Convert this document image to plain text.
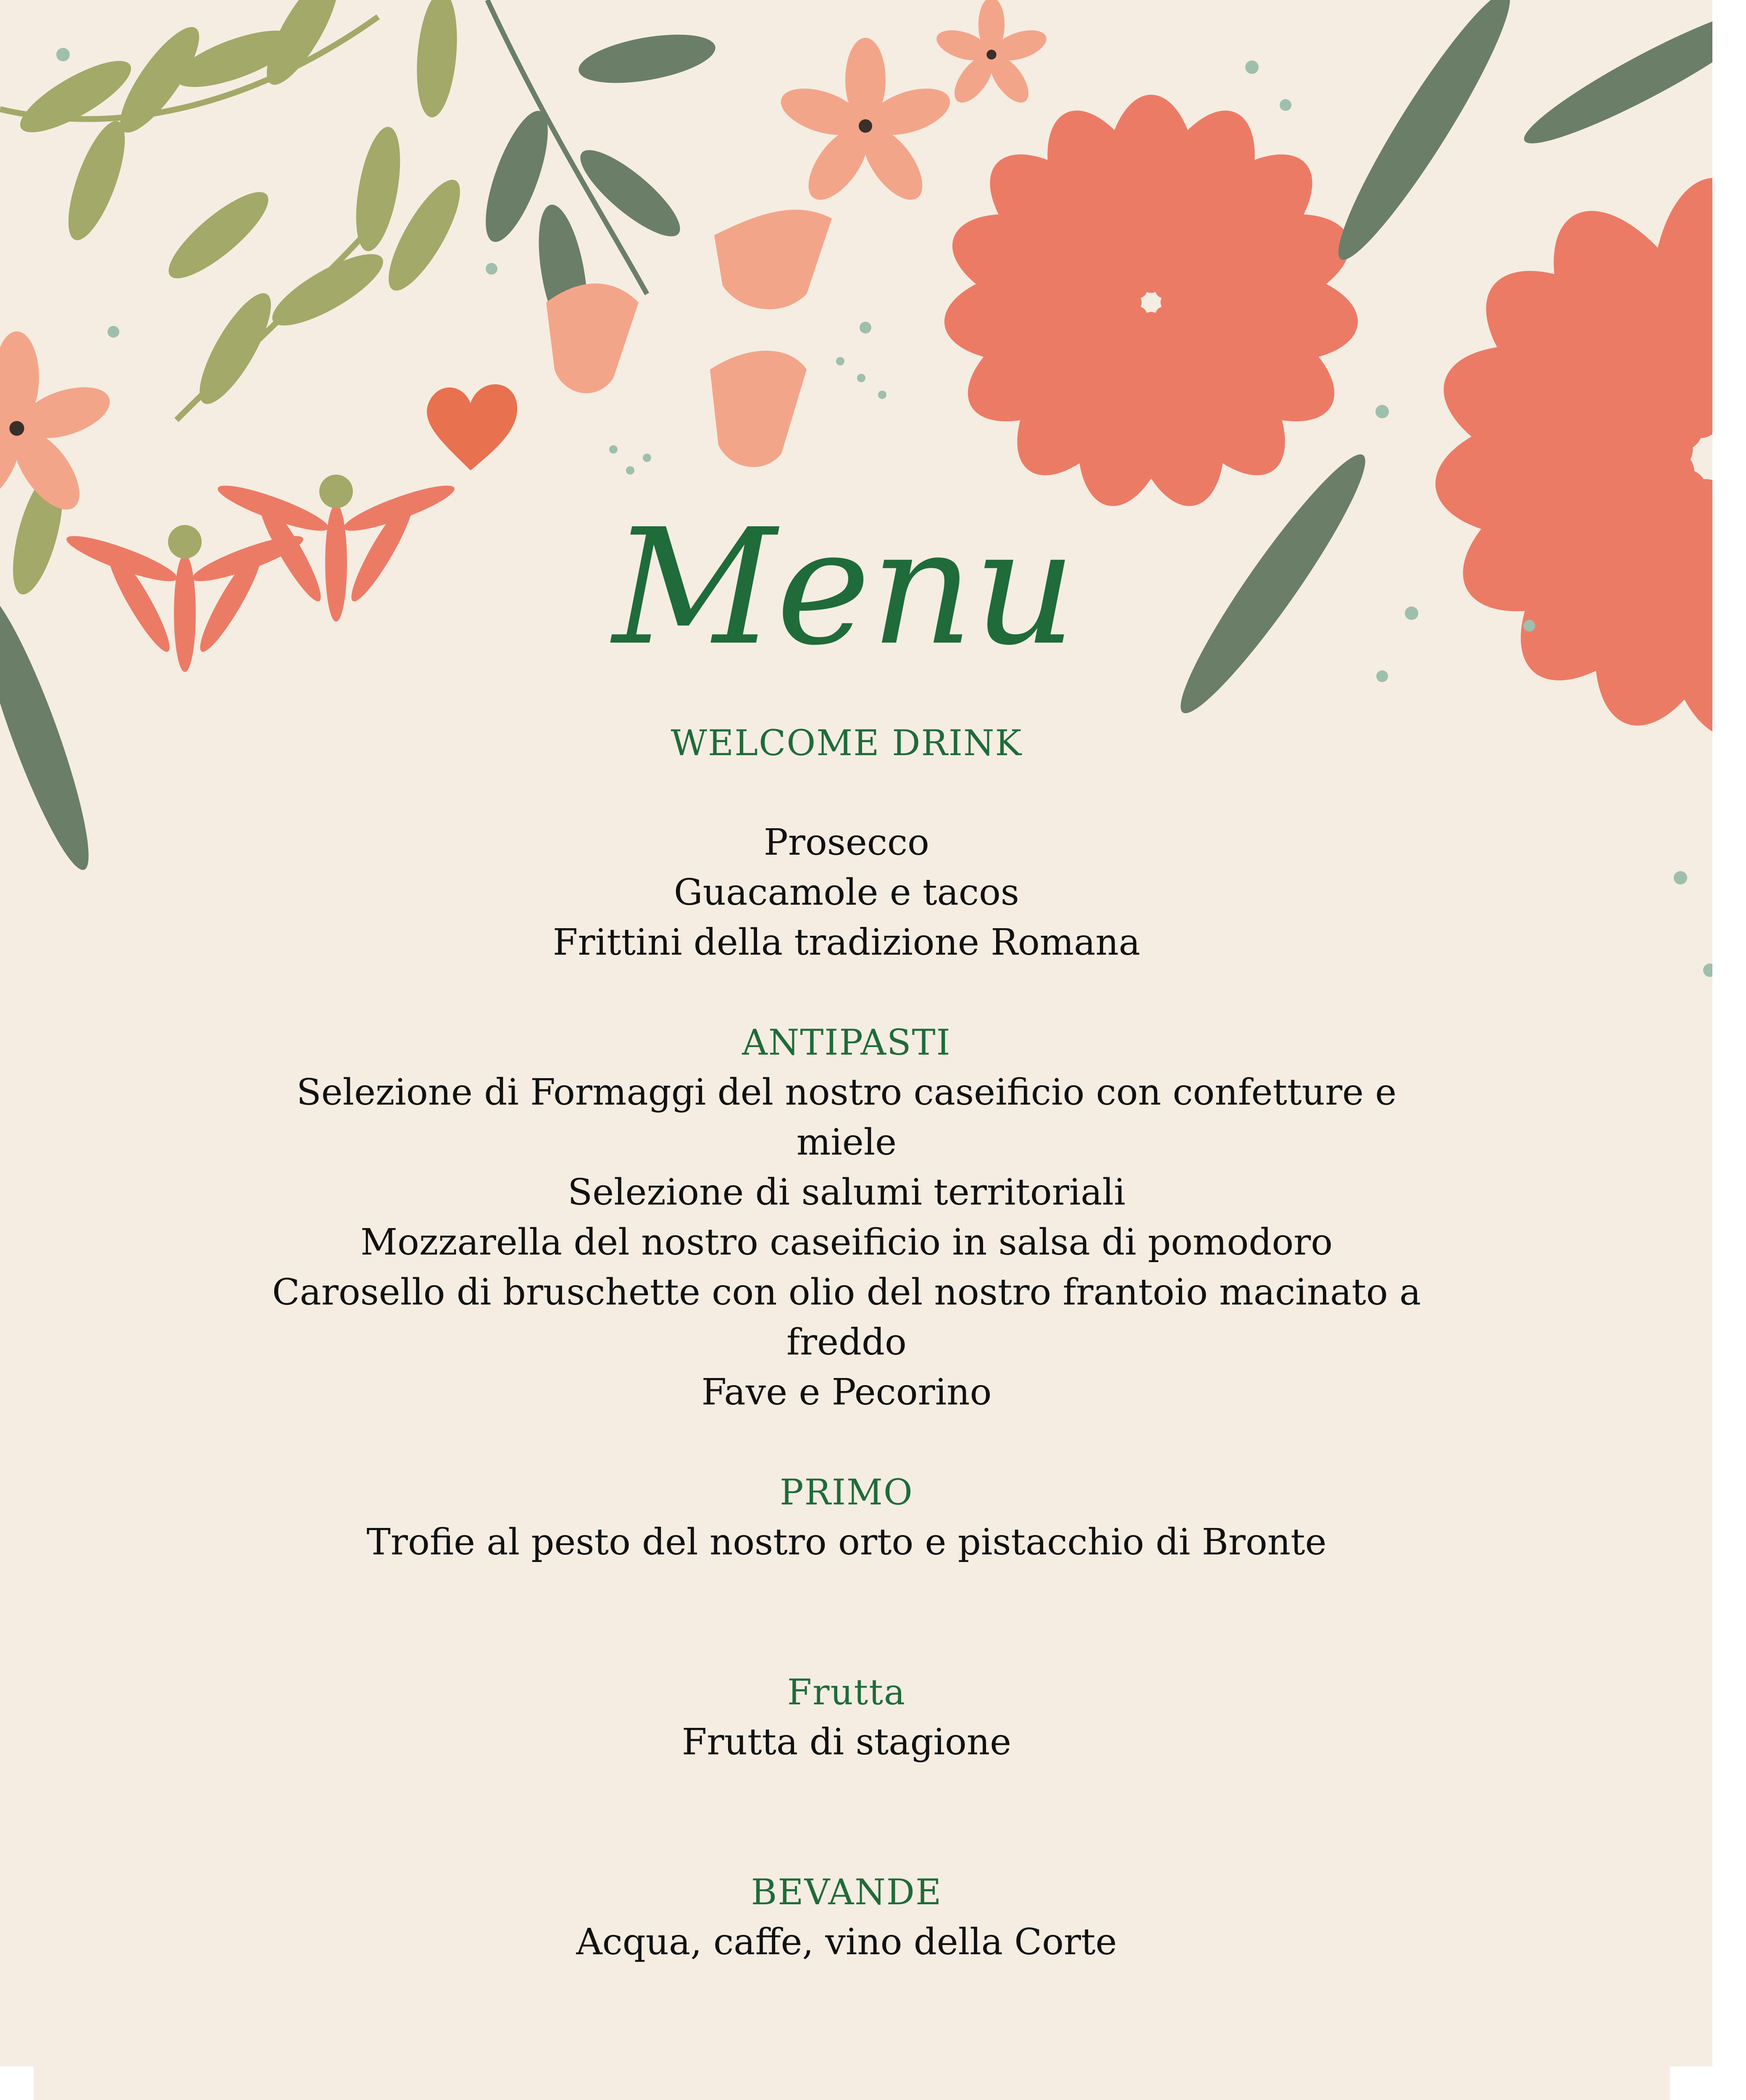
Menu
WELCOME DRINK
Prosecco
Guacamole e tacos
Frittini della tradizione Romana
ANTIPASTI
Selezione di Formaggi del nostro caseificio con confetture e
miele
Selezione di salumi territoriali
Mozzarella del nostro caseificio in salsa di pomodoro
Carosello di bruschette con olio del nostro frantoio macinato a
freddo
Fave e Pecorino
PRIMO
Trofie al pesto del nostro orto e pistacchio di Bronte
Frutta
Frutta di stagione
BEVANDE
Acqua, caffe, vino della Corte
